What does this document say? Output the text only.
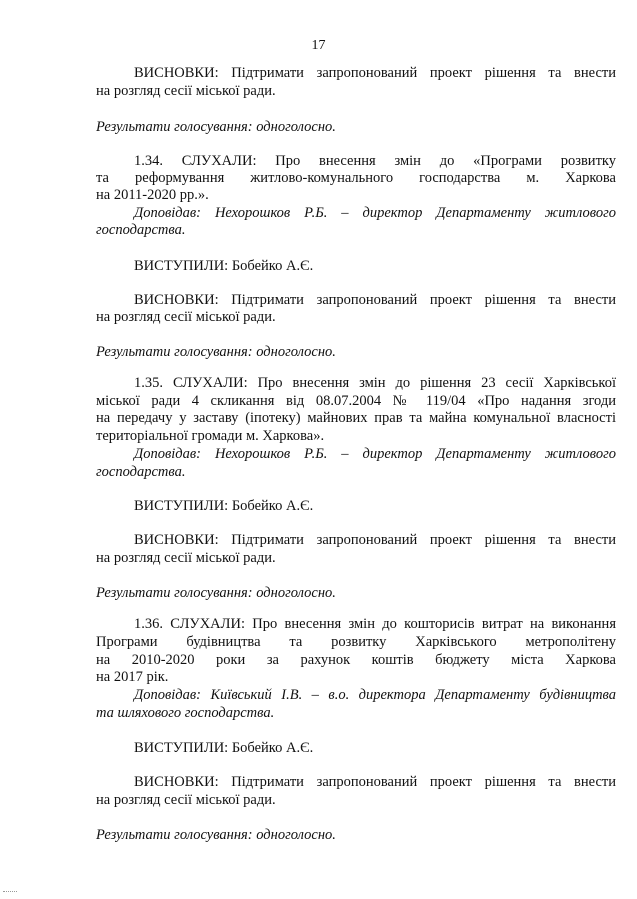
17
ВИСНОВКИ: Підтримати запропонований проект рішення та внести
на розгляд сесії міської ради.
Результати голосування: одноголосно.
1.34. СЛУХАЛИ: Про внесення змін до «Програми розвитку
та реформування житлово-комунального господарства м. Харкова
на 2011-2020 рр.».
Доповідав: Нехорошков Р.Б. – директор Департаменту житлового
господарства.
ВИСТУПИЛИ: Бобейко А.Є.
ВИСНОВКИ: Підтримати запропонований проект рішення та внести
на розгляд сесії міської ради.
Результати голосування: одноголосно.
1.35. СЛУХАЛИ: Про внесення змін до рішення 23 сесії Харківської
міської ради 4 скликання від 08.07.2004 № 119/04 «Про надання згоди
на передачу у заставу (іпотеку) майнових прав та майна комунальної власності
територіальної громади м. Харкова».
Доповідав: Нехорошков Р.Б. – директор Департаменту житлового
господарства.
ВИСТУПИЛИ: Бобейко А.Є.
ВИСНОВКИ: Підтримати запропонований проект рішення та внести
на розгляд сесії міської ради.
Результати голосування: одноголосно.
1.36. СЛУХАЛИ: Про внесення змін до кошторисів витрат на виконання
Програми будівництва та розвитку Харківського метрополітену
на 2010-2020 роки за рахунок коштів бюджету міста Харкова
на 2017 рік.
Доповідав: Київський І.В. – в.о. директора Департаменту будівництва
та шляхового господарства.
ВИСТУПИЛИ: Бобейко А.Є.
ВИСНОВКИ: Підтримати запропонований проект рішення та внести
на розгляд сесії міської ради.
Результати голосування: одноголосно.
